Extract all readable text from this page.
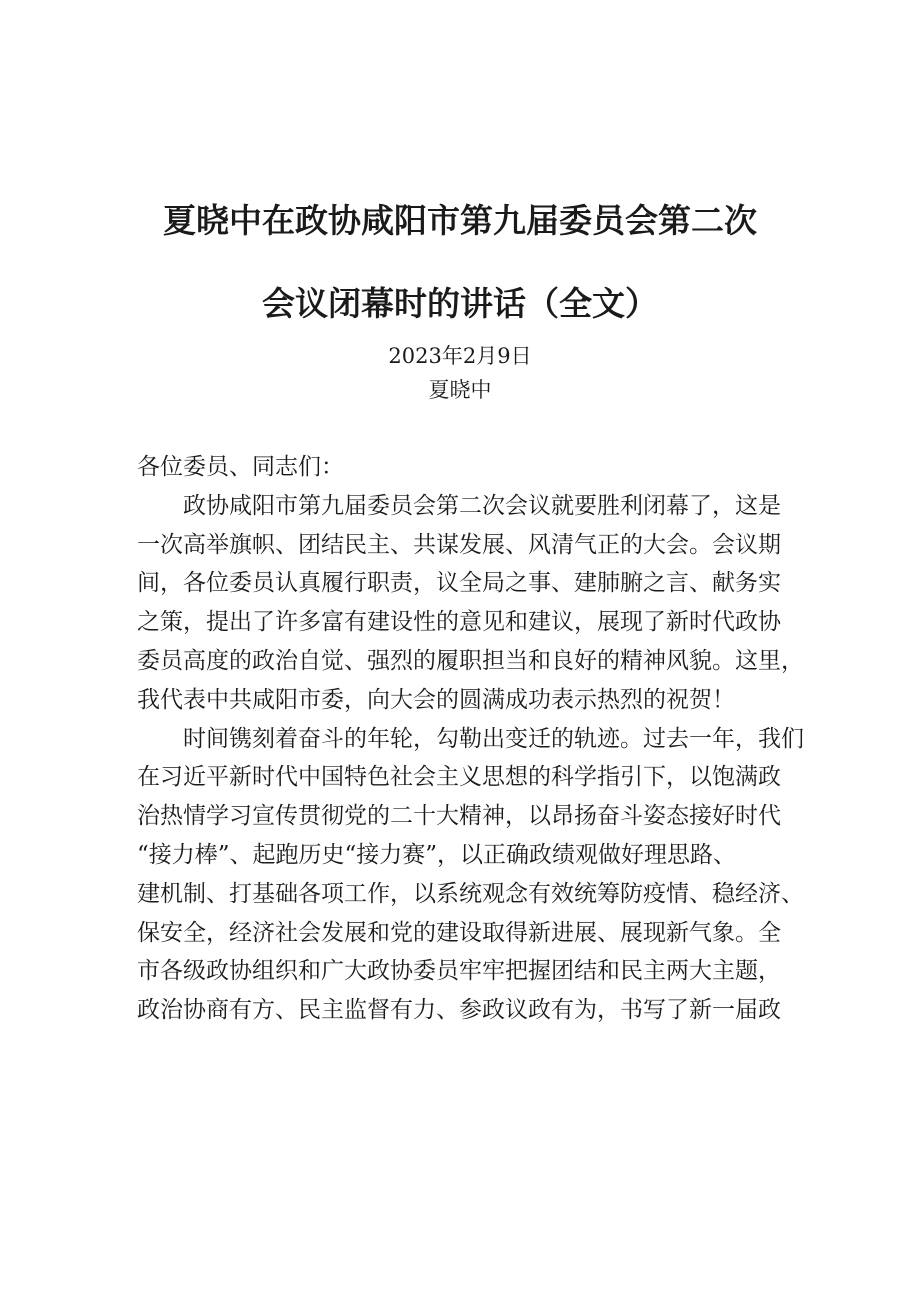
夏晓中在政协咸阳市第九届委员会第二次
会议闭幕时的讲话（全文）
2023年2月9日
夏晓中
各位委员、同志们：
　　政协咸阳市第九届委员会第二次会议就要胜利闭幕了，这是
一次高举旗帜、团结民主、共谋发展、风清气正的大会。会议期
间，各位委员认真履行职责，议全局之事、建肺腑之言、献务实
之策，提出了许多富有建设性的意见和建议，展现了新时代政协
委员高度的政治自觉、强烈的履职担当和良好的精神风貌。这里，
我代表中共咸阳市委，向大会的圆满成功表示热烈的祝贺！
　　时间镌刻着奋斗的年轮，勾勒出变迁的轨迹。过去一年，我们
在习近平新时代中国特色社会主义思想的科学指引下，以饱满政
治热情学习宣传贯彻党的二十大精神，以昂扬奋斗姿态接好时代
“接力棒”、起跑历史“接力赛”，以正确政绩观做好理思路、
建机制、打基础各项工作，以系统观念有效统筹防疫情、稳经济、
保安全，经济社会发展和党的建设取得新进展、展现新气象。全
市各级政协组织和广大政协委员牢牢把握团结和民主两大主题，
政治协商有方、民主监督有力、参政议政有为，书写了新一届政
